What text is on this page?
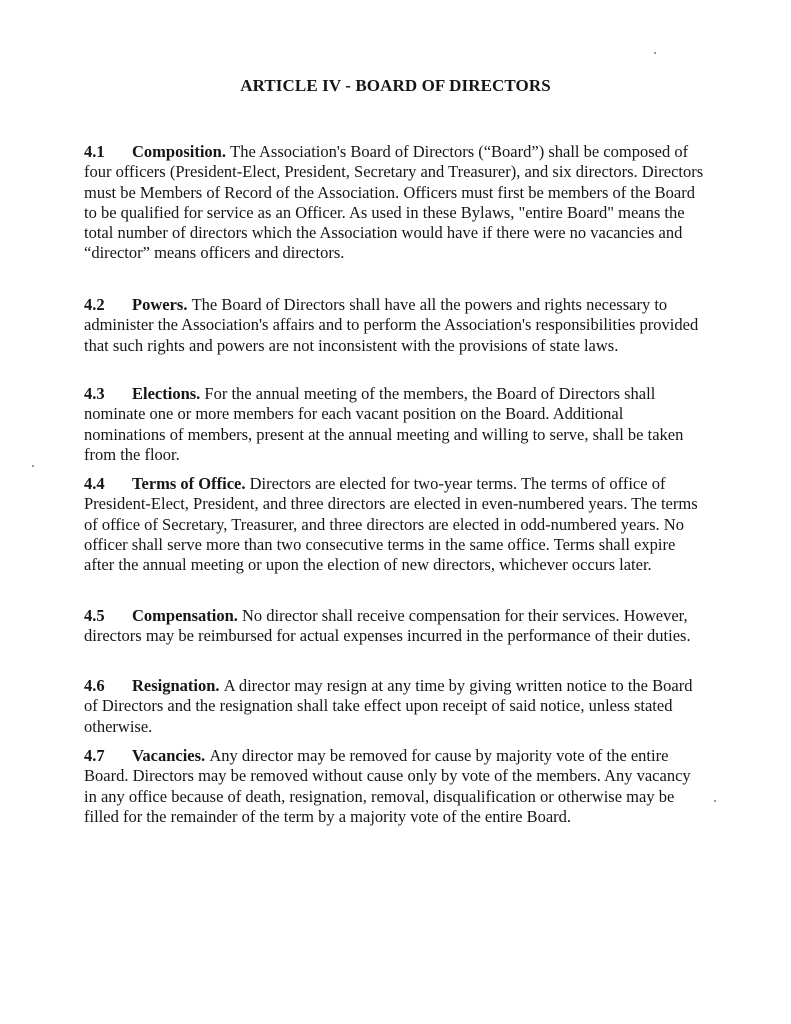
ARTICLE IV - BOARD OF DIRECTORS

4.1 Composition. The Association's Board of Directors (“Board”) shall be composed of four officers (President-Elect, President, Secretary and Treasurer), and six directors. Directors must be Members of Record of the Association. Officers must first be members of the Board to be qualified for service as an Officer. As used in these Bylaws, "entire Board" means the total number of directors which the Association would have if there were no vacancies and “director” means officers and directors.

4.2 Powers. The Board of Directors shall have all the powers and rights necessary to administer the Association's affairs and to perform the Association's responsibilities provided that such rights and powers are not inconsistent with the provisions of state laws.

4.3 Elections. For the annual meeting of the members, the Board of Directors shall nominate one or more members for each vacant position on the Board. Additional nominations of members, present at the annual meeting and willing to serve, shall be taken from the floor.

4.4 Terms of Office. Directors are elected for two-year terms. The terms of office of President-Elect, President, and three directors are elected in even-numbered years. The terms of office of Secretary, Treasurer, and three directors are elected in odd-numbered years. No officer shall serve more than two consecutive terms in the same office. Terms shall expire after the annual meeting or upon the election of new directors, whichever occurs later.

4.5 Compensation. No director shall receive compensation for their services. However, directors may be reimbursed for actual expenses incurred in the performance of their duties.

4.6 Resignation. A director may resign at any time by giving written notice to the Board of Directors and the resignation shall take effect upon receipt of said notice, unless stated otherwise.

4.7 Vacancies. Any director may be removed for cause by majority vote of the entire Board. Directors may be removed without cause only by vote of the members. Any vacancy in any office because of death, resignation, removal, disqualification or otherwise may be filled for the remainder of the term by a majority vote of the entire Board.
